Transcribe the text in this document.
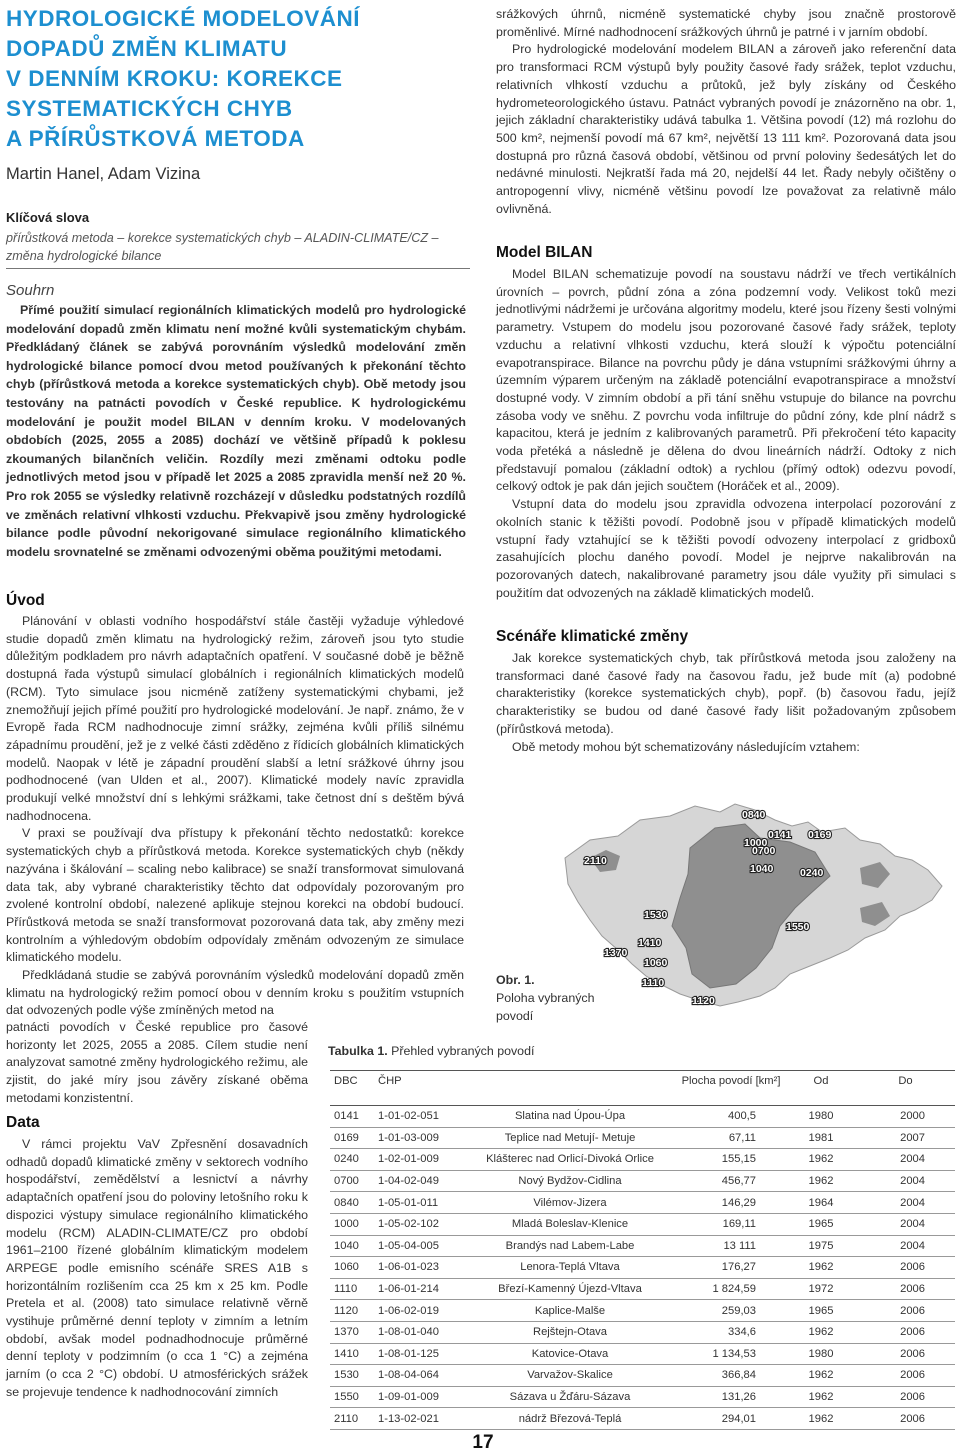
HYDROLOGICKÉ MODELOVÁNÍ
DOPADŮ ZMĚN KLIMATU
V DENNÍM KROKU: KOREKCE
SYSTEMATICKÝCH CHYB
A PŘÍRŮSTKOVÁ METODA

Martin Hanel, Adam Vizina

Klíčová slova

přírůstková metoda – korekce systematických chyb – ALADIN-CLIMATE/CZ – změna hydrologické bilance

Souhrn

Přímé použití simulací regionálních klimatických modelů pro hydrologické modelování dopadů změn klimatu není možné kvůli systematickým chybám. Předkládaný článek se zabývá porovnáním výsledků modelování změn hydrologické bilance pomocí dvou metod používaných k překonání těchto chyb (přírůstková metoda a korekce systematických chyb). Obě metody jsou testovány na patnácti povodích v České republice. K hydrologickému modelování je použit model BILAN v denním kroku. V modelovaných obdobích (2025, 2055 a 2085) dochází ve většině případů k poklesu zkoumaných bilančních veličin. Rozdíly mezi změnami odtoku podle jednotlivých metod jsou v případě let 2025 a 2085 zpravidla menší než 20 %. Pro rok 2055 se výsledky relativně rozcházejí v důsledku podstatných rozdílů ve změnách relativní vlhkosti vzduchu. Překvapivě jsou změny hydrologické bilance podle původní nekorigované simulace regionálního klimatického modelu srovnatelné se změnami odvozenými oběma použitými metodami.

Úvod

Plánování v oblasti vodního hospodářství stále častěji vyžaduje výhledové studie dopadů změn klimatu na hydrologický režim, zároveň jsou tyto studie důležitým podkladem pro návrh adaptačních opatření. V současné době je běžně dostupná řada výstupů simulací globálních i regionálních klimatických modelů (RCM). Tyto simulace jsou nicméně zatíženy systematickými chybami, jež znemožňují jejich přímé použití pro hydrologické modelování. Je např. známo, že v Evropě řada RCM nadhodnocuje zimní srážky, zejména kvůli příliš silnému západnímu proudění, jež je z velké části zděděno z řídicích globálních klimatických modelů. Naopak v létě je západní proudění slabší a letní srážkové úhrny jsou podhodnocené (van Ulden et al., 2007). Klimatické modely navíc zpravidla produkují velké množství dní s lehkými srážkami, take četnost dní s deštěm bývá nadhodnocena.

V praxi se používají dva přístupy k překonání těchto nedostatků: korekce systematických chyb a přírůstková metoda. Korekce systematických chyb (někdy nazývána i škálování – scaling nebo kalibrace) se snaží transformovat simulovaná data tak, aby vybrané charakteristiky těchto dat odpovídaly pozorovaným pro zvolené kontrolní období, nalezené aplikuje stejnou korekci na období budoucí. Přírůstková metoda se snaží transformovat pozorovaná data tak, aby změny mezi kontrolním a výhledovým obdobím odpovídaly změnám odvozeným ze simulace klimatického modelu.

Předkládaná studie se zabývá porovnáním výsledků modelování dopadů změn klimatu na hydrologický režim pomocí obou v denním kroku s použitím vstupních dat odvozených podle výše zmíněných metod na

patnácti povodích v České republice pro časové horizonty let 2025, 2055 a 2085. Cílem studie není analyzovat samotné změny hydrologického režimu, ale zjistit, do jaké míry jsou závěry získané oběma metodami konzistentní.

Data

V rámci projektu VaV Zpřesnění dosavadních odhadů dopadů klimatické změny v sektorech vodního hospodářství, zemědělství a lesnictví a návrhy adaptačních opatření jsou do poloviny letošního roku k dispozici výstupy simulace regionálního klimatického modelu (RCM) ALADIN-CLIMATE/CZ pro období 1961–2100 řízené globálním klimatickým modelem ARPEGE podle emisního scénáře SRES A1B s horizontálním rozlišením cca 25 km x 25 km. Podle Pretela et al. (2008) tato simulace relativně věrně vystihuje průměrné denní teploty v zimním a letním období, avšak model podnadhodnocuje průměrné denní teploty v podzimním (o cca 1 °C) a zejména jarním (o cca 2 °C) období. U atmosférických srážek se projevuje tendence k nadhodnocování zimních

srážkových úhrnů, nicméně systematické chyby jsou značně prostorově proměnlivé. Mírné nadhodnocení srážkových úhrnů je patrné i v jarním období.

Pro hydrologické modelování modelem BILAN a zároveň jako referenční data pro transformaci RCM výstupů byly použity časové řady srážek, teplot vzduchu, relativních vlhkostí vzduchu a průtoků, jež byly získány od Českého hydrometeorologického ústavu. Patnáct vybraných povodí je znázorněno na obr. 1, jejich základní charakteristiky udává tabulka 1. Většina povodí (12) má rozlohu do 500 km², nejmenší povodí má 67 km², největší 13 111 km². Pozorovaná data jsou dostupná pro různá časová období, většinou od první poloviny šedesátých let do nedávné minulosti. Nejkratší řada má 20, nejdelší 44 let. Řady nebyly očištěny o antropogenní vlivy, nicméně většinu povodí lze považovat za relativně málo ovlivněná.

Model BILAN

Model BILAN schematizuje povodí na soustavu nádrží ve třech vertikálních úrovních – povrch, půdní zóna a zóna podzemní vody. Velikost toků mezi jednotlivými nádržemi je určována algoritmy modelu, které jsou řízeny šesti volnými parametry. Vstupem do modelu jsou pozorované časové řady srážek, teploty vzduchu a relativní vlhkosti vzduchu, která slouží k výpočtu potenciální evapotranspirace. Bilance na povrchu půdy je dána vstupními srážkovými úhrny a územním výparem určeným na základě potenciální evapotranspirace a množství dostupné vody. V zimním období a při tání sněhu vstupuje do bilance na povrchu zásoba vody ve sněhu. Z povrchu voda infiltruje do půdní zóny, kde plní nádrž s kapacitou, která je jedním z kalibrovaných parametrů. Při překročení této kapacity voda přetéká a následně je dělena do dvou lineárních nádrží. Odtoky z nich představují pomalou (základní odtok) a rychlou (přímý odtok) odezvu povodí, celkový odtok je pak dán jejich součtem (Horáček et al., 2009).

Vstupní data do modelu jsou zpravidla odvozena interpolací pozorování z okolních stanic k těžišti povodí. Podobně jsou v případě klimatických modelů vstupní řady vztahující se k těžišti povodí odvozeny interpolací z gridboxů zasahujících plochu daného povodí. Model je nejprve nakalibrován na pozorovaných datech, nakalibrované parametry jsou dále využity při simulaci s použitím dat odvozených na základě klimatických modelů.

Scénáře klimatické změny

Jak korekce systematických chyb, tak přírůstková metoda jsou založeny na transformaci dané časové řady na časovou řadu, jež bude mít (a) podobné charakteristiky (korekce systematických chyb), popř. (b) časovou řadu, jejíž charakteristiky se budou od dané časové řady lišit požadovaným způsobem (přírůstková metoda).

Obě metody mohou být schematizovány následujícím vztahem:

0840
0141 0169
1000
0700
1040	0240
2110
1530
1550
1410
1370
1060
1110
1120
Obr. 1.
Poloha vybraných povodí

Tabulka 1. Přehled vybraných povodí

DBC	ČHP		Plocha povodí [km²]	Od	Do
0141	1-01-02-051	Slatina nad Úpou-Úpa	400,5	1980	2000
0169	1-01-03-009	Teplice nad Metují- Metuje	67,11	1981	2007
0240	1-02-01-009	Klášterec nad Orlicí-Divoká Orlice	155,15	1962	2004
0700	1-04-02-049	Nový Bydžov-Cidlina	456,77	1962	2004
0840	1-05-01-011	Vilémov-Jizera	146,29	1964	2004
1000	1-05-02-102	Mladá Boleslav-Klenice	169,11	1965	2004
1040	1-05-04-005	Brandýs nad Labem-Labe	13 111	1975	2004
1060	1-06-01-023	Lenora-Teplá Vltava	176,27	1962	2006
1110	1-06-01-214	Březí-Kamenný Újezd-Vltava	1 824,59	1972	2006
1120	1-06-02-019	Kaplice-Malše	259,03	1965	2006
1370	1-08-01-040	Rejštejn-Otava	334,6	1962	2006
1410	1-08-01-125	Katovice-Otava	1 134,53	1980	2006
1530	1-08-04-064	Varvažov-Skalice	366,84	1962	2006
1550	1-09-01-009	Sázava u Žďáru-Sázava	131,26	1962	2006
2110	1-13-02-021	nádrž Březová-Teplá	294,01	1962	2006
17
